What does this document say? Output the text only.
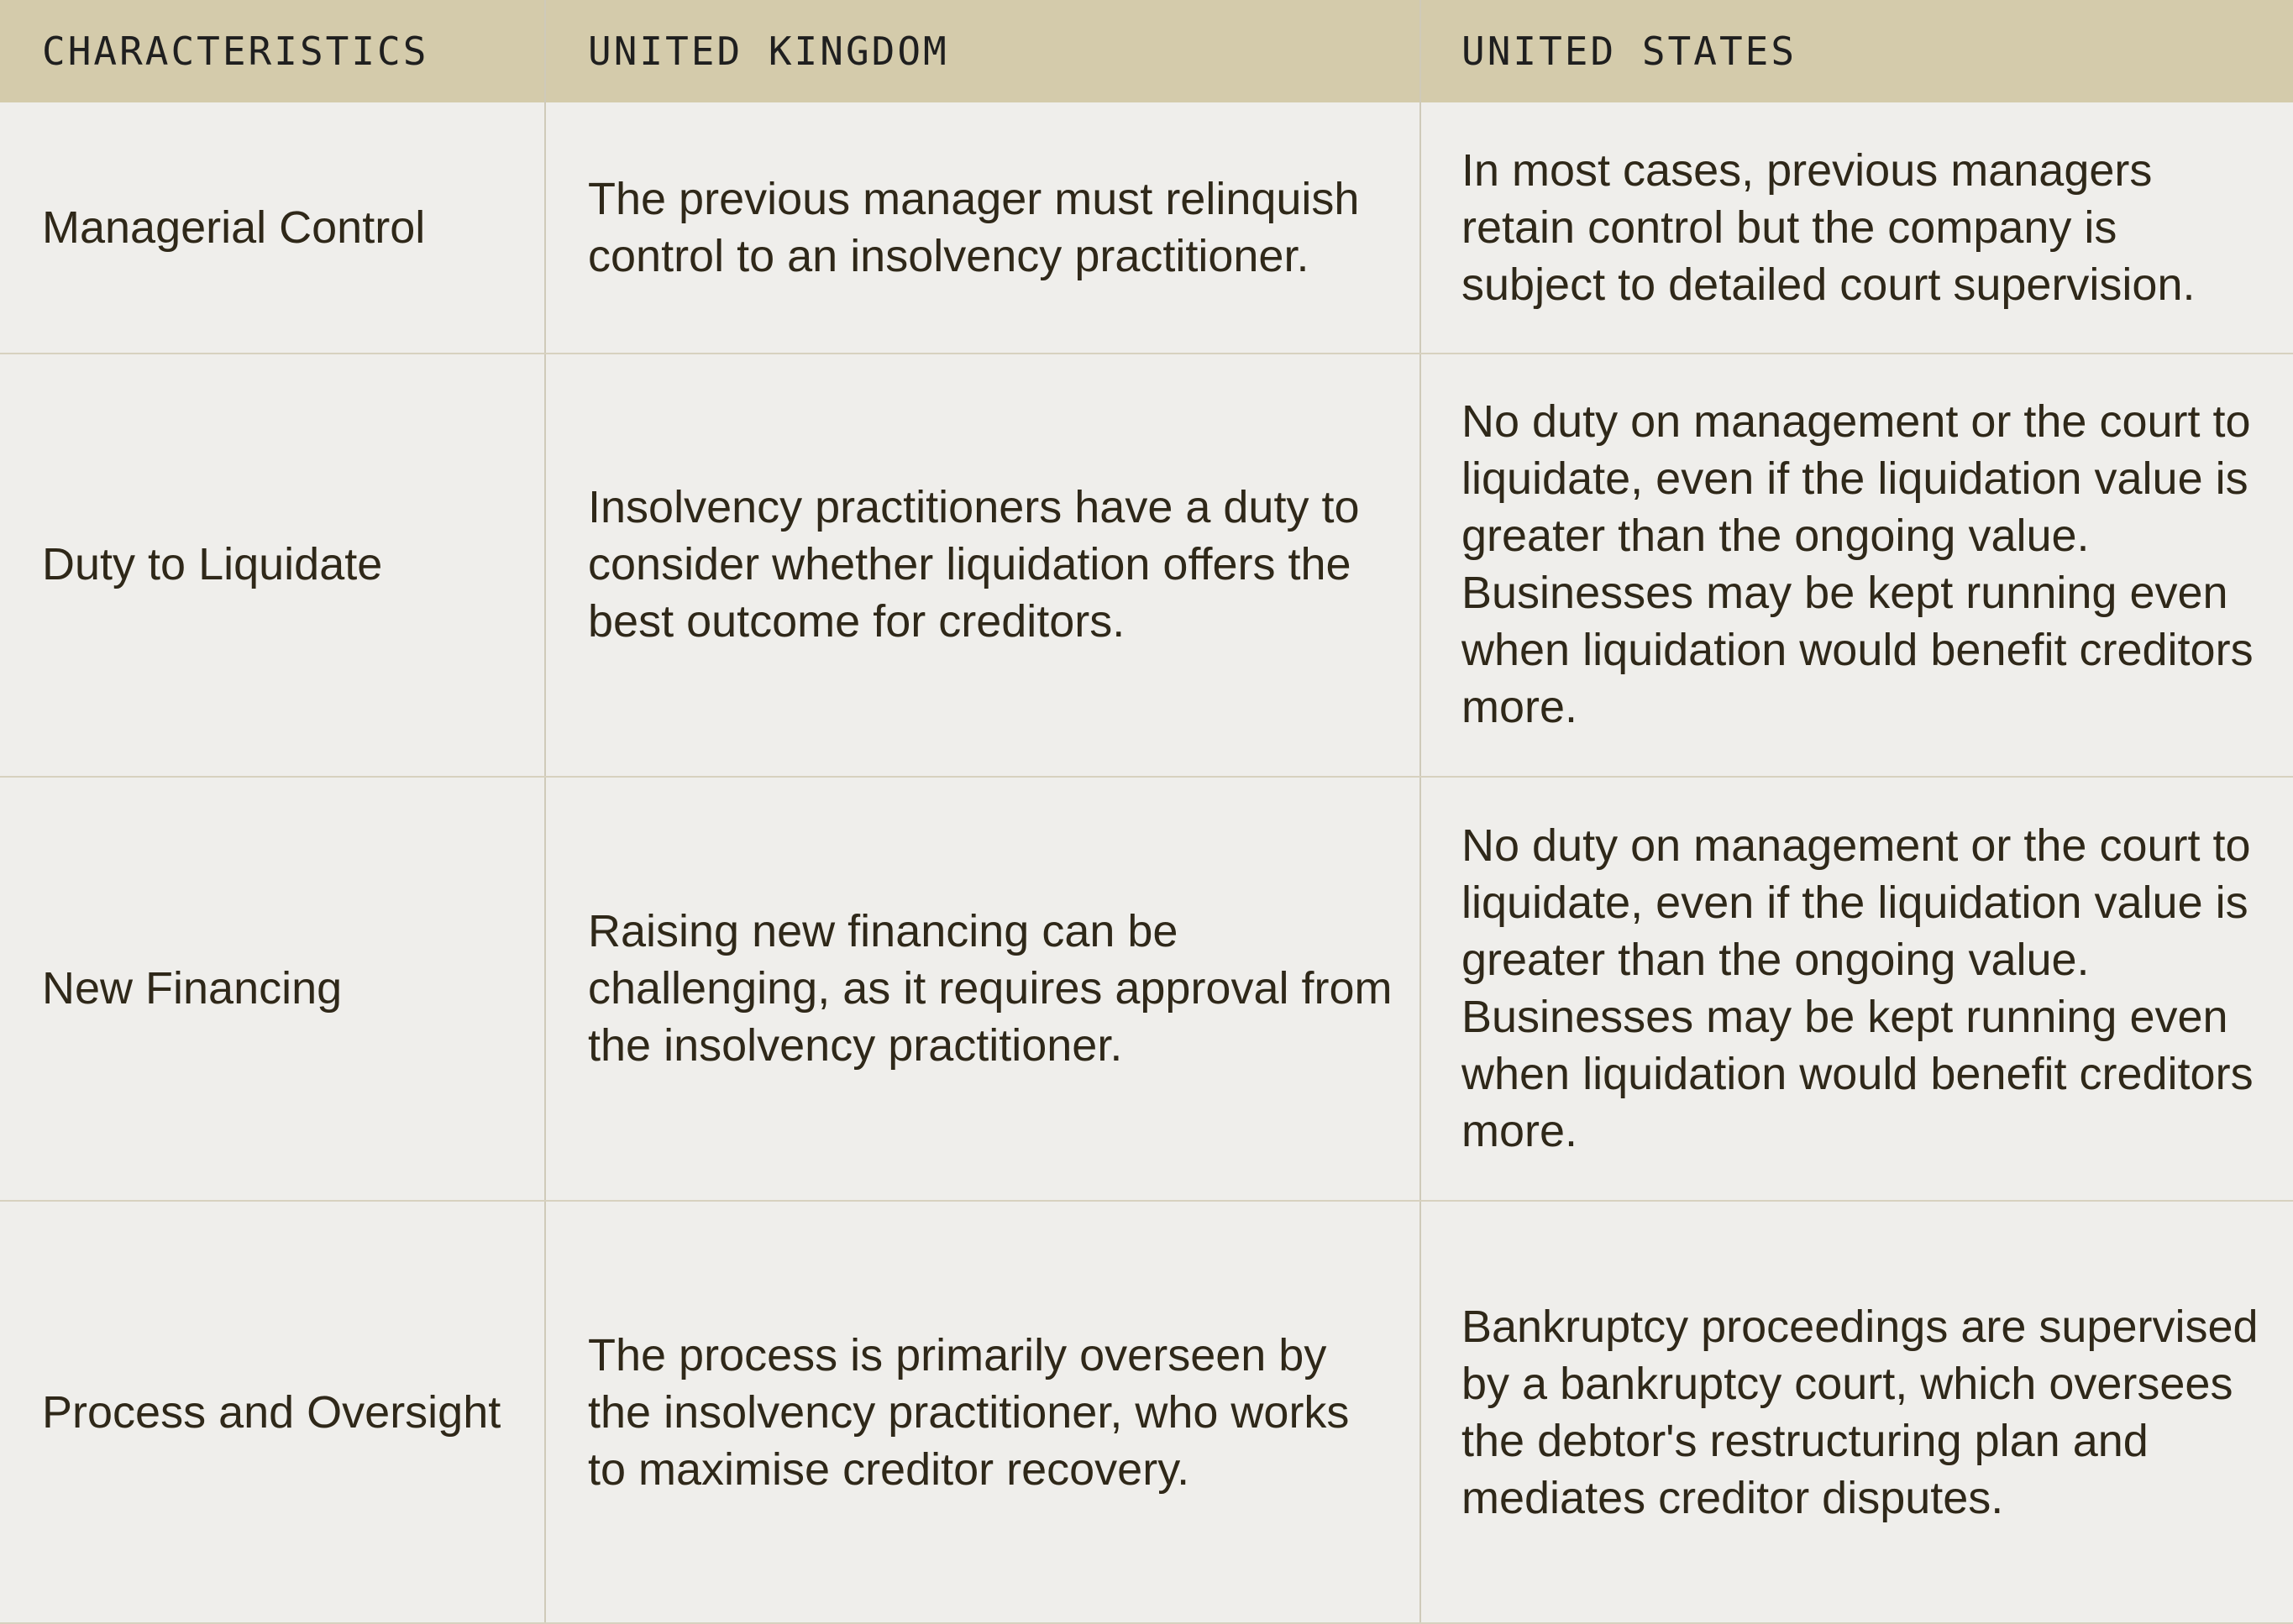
CHARACTERISTICS	UNITED KINGDOM	UNITED STATES
Managerial Control
The previous manager must relinquish control to an insolvency practitioner.
In most cases, previous managers retain control but the company is subject to detailed court supervision.
Duty to Liquidate
Insolvency practitioners have a duty to consider whether liquidation offers the best outcome for creditors.
No duty on management or the court to liquidate, even if the liquidation value is greater than the ongoing value. Businesses may be kept running even when liquidation would benefit creditors more.
New Financing
Raising new financing can be challenging, as it requires approval from the insolvency practitioner.
No duty on management or the court to liquidate, even if the liquidation value is greater than the ongoing value. Businesses may be kept running even when liquidation would benefit creditors more.
Process and Oversight
The process is primarily overseen by the insolvency practitioner, who works to maximise creditor recovery.
Bankruptcy proceedings are supervised by a bankruptcy court, which oversees the debtor's restructuring plan and mediates creditor disputes.
